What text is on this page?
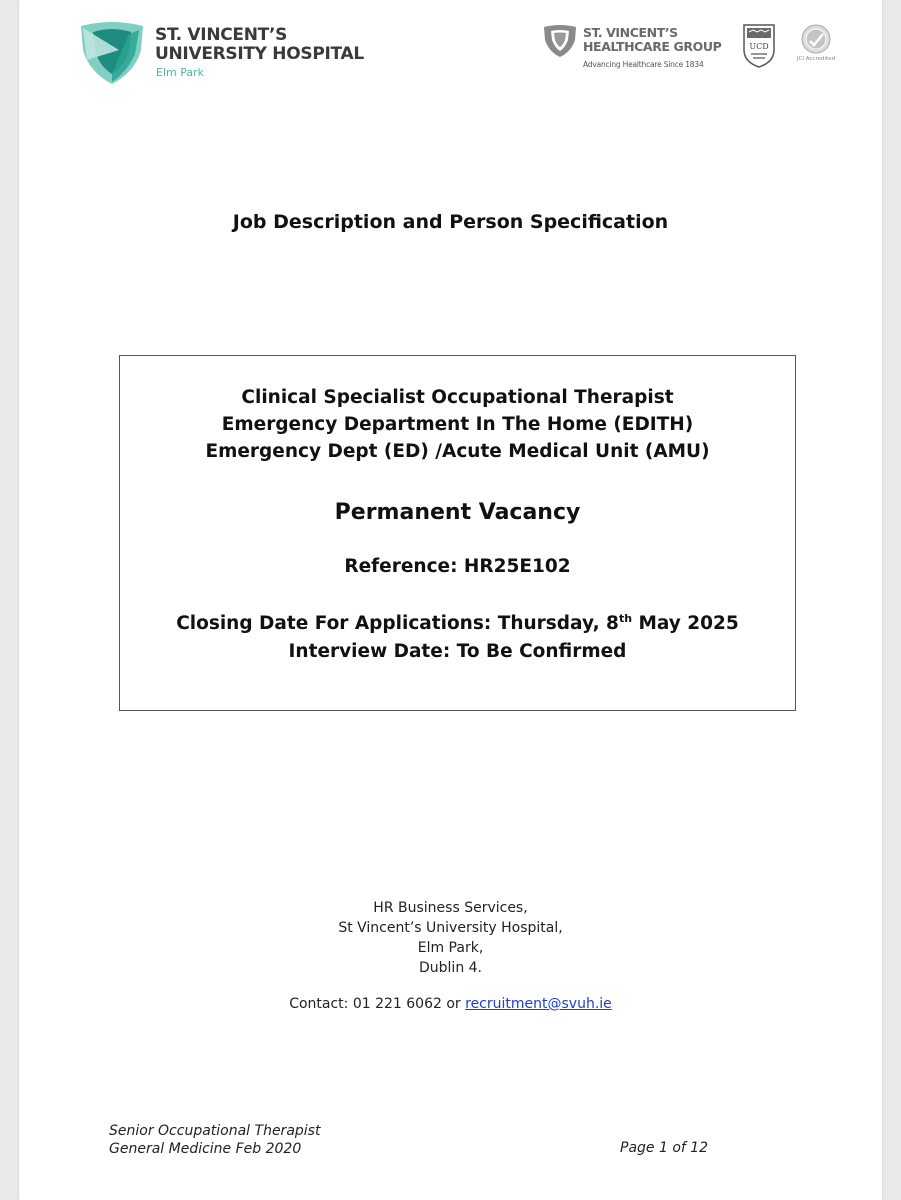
ST. VINCENT’S
UNIVERSITY HOSPITAL
Elm Park
ST. VINCENT’S
HEALTHCARE GROUP
Advancing Healthcare Since 1834
UCD
JCI Accredited
Job Description and Person Specification
Clinical Specialist Occupational Therapist
Emergency Department In The Home (EDITH)
Emergency Dept (ED) /Acute Medical Unit (AMU)
Permanent Vacancy
Reference: HR25E102
Closing Date For Applications: Thursday, 8th May 2025
Interview Date: To Be Confirmed
HR Business Services,
St Vincent’s University Hospital,
Elm Park,
Dublin 4.
Contact: 01 221 6062 or recruitment@svuh.ie
Senior Occupational Therapist
General Medicine Feb 2020	Page 1 of 12
